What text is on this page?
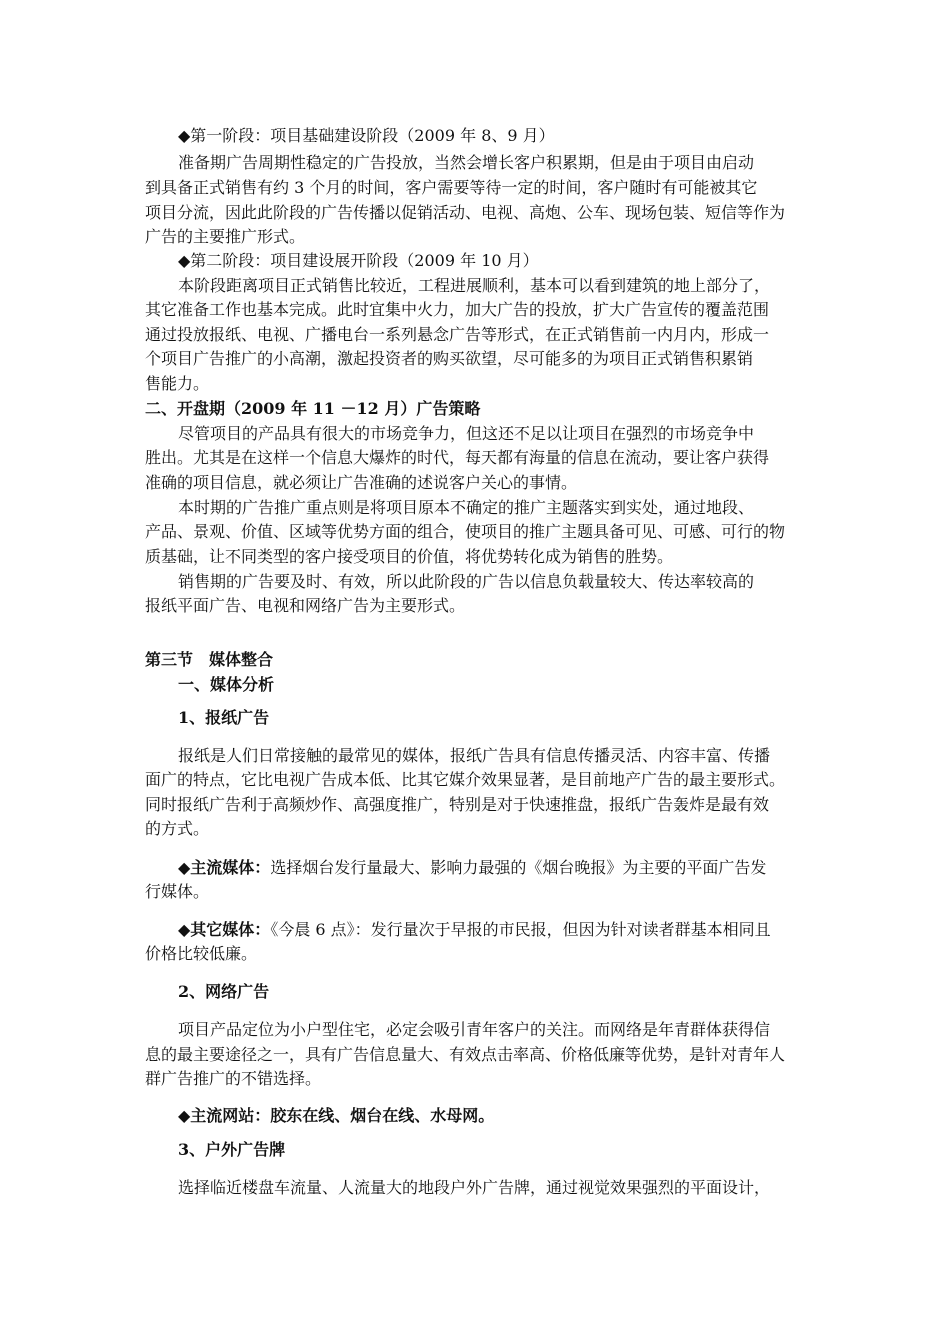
◆第一阶段：项目基础建设阶段（2009 年 8、9 月）
准备期广告周期性稳定的广告投放，当然会增长客户积累期，但是由于项目由启动
到具备正式销售有约 3 个月的时间，客户需要等待一定的时间，客户随时有可能被其它
项目分流，因此此阶段的广告传播以促销活动、电视、高炮、公车、现场包装、短信等作为
广告的主要推广形式。
◆第二阶段：项目建设展开阶段（2009 年 10 月）
本阶段距离项目正式销售比较近，工程进展顺利，基本可以看到建筑的地上部分了，
其它准备工作也基本完成。此时宜集中火力，加大广告的投放，扩大广告宣传的覆盖范围
通过投放报纸、电视、广播电台一系列悬念广告等形式，在正式销售前一内月内，形成一
个项目广告推广的小高潮，激起投资者的购买欲望，尽可能多的为项目正式销售积累销
售能力。
二、开盘期（2009 年 11 －12 月）广告策略
尽管项目的产品具有很大的市场竞争力，但这还不足以让项目在强烈的市场竞争中
胜出。尤其是在这样一个信息大爆炸的时代，每天都有海量的信息在流动，要让客户获得
准确的项目信息，就必须让广告准确的述说客户关心的事情。
本时期的广告推广重点则是将项目原本不确定的推广主题落实到实处，通过地段、
产品、景观、价值、区域等优势方面的组合，使项目的推广主题具备可见、可感、可行的物
质基础，让不同类型的客户接受项目的价值，将优势转化成为销售的胜势。
销售期的广告要及时、有效，所以此阶段的广告以信息负载量较大、传达率较高的
报纸平面广告、电视和网络广告为主要形式。
第三节　媒体整合
一、媒体分析
1、报纸广告
报纸是人们日常接触的最常见的媒体，报纸广告具有信息传播灵活、内容丰富、传播
面广的特点，它比电视广告成本低、比其它媒介效果显著，是目前地产广告的最主要形式。
同时报纸广告利于高频炒作、高强度推广，特别是对于快速推盘，报纸广告轰炸是最有效
的方式。
◆主流媒体：选择烟台发行量最大、影响力最强的《烟台晚报》为主要的平面广告发
行媒体。
◆其它媒体：《今晨 6 点》：发行量次于早报的市民报，但因为针对读者群基本相同且
价格比较低廉。
2、网络广告
项目产品定位为小户型住宅，必定会吸引青年客户的关注。而网络是年青群体获得信
息的最主要途径之一，具有广告信息量大、有效点击率高、价格低廉等优势，是针对青年人
群广告推广的不错选择。
◆主流网站：胶东在线、烟台在线、水母网。
3、户外广告牌
选择临近楼盘车流量、人流量大的地段户外广告牌，通过视觉效果强烈的平面设计，
